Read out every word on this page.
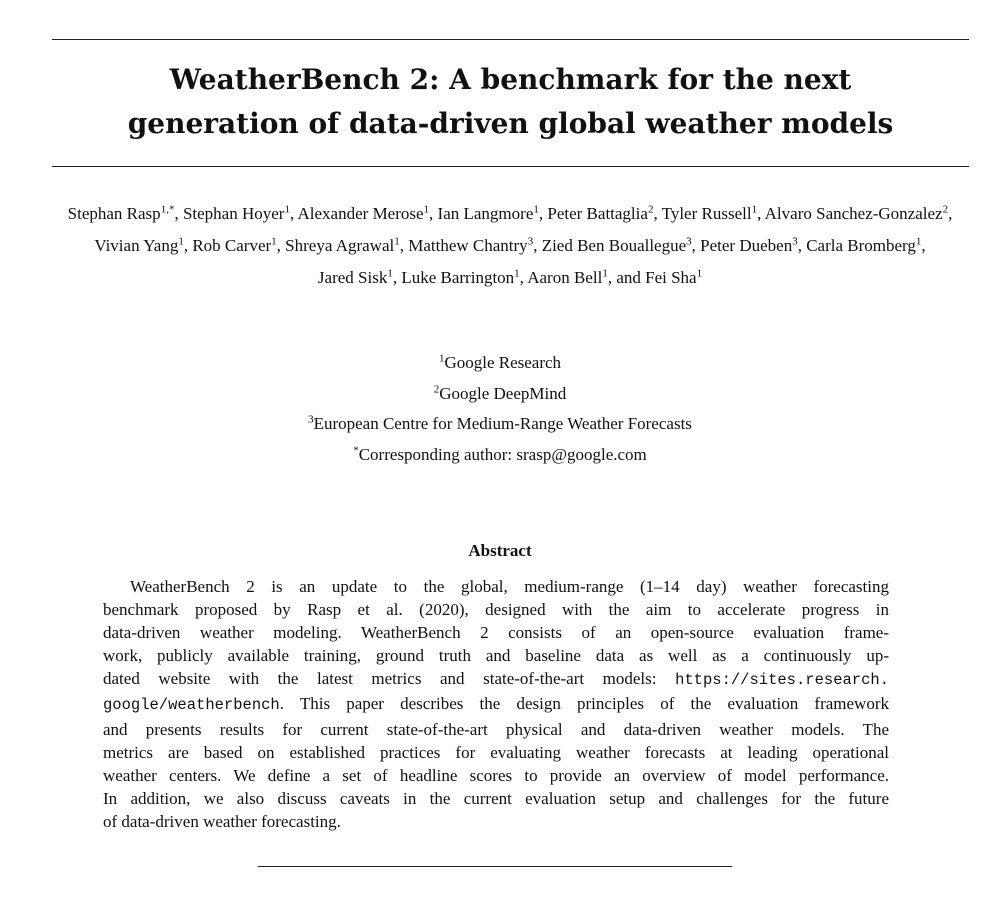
WeatherBench 2: A benchmark for the next
generation of data-driven global weather models
Stephan Rasp$^{1,*}$, Stephan Hoyer$^1$, Alexander Merose$^1$, Ian Langmore$^1$, Peter Battaglia$^2$, Tyler Russell$^1$, Alvaro Sanchez-Gonzalez$^2$, Vivian Yang$^1$, Rob Carver$^1$, Shreya Agrawal$^1$, Matthew Chantry$^3$, Zied Ben Bouallegue$^3$, Peter Dueben$^3$, Carla Bromberg$^1$, Jared Sisk$^1$, Luke Barrington$^1$, Aaron Bell$^1$, and Fei Sha$^1$
$^1$Google Research
$^2$Google DeepMind
$^3$European Centre for Medium-Range Weather Forecasts
*Corresponding author: srasp@google.com
Abstract
WeatherBench 2 is an update to the global, medium-range (1–14 day) weather forecasting
benchmark proposed by Rasp et al. (2020), designed with the aim to accelerate progress in
data-driven weather modeling. WeatherBench 2 consists of an open-source evaluation frame-
work, publicly available training, ground truth and baseline data as well as a continuously up-
dated website with the latest metrics and state-of-the-art models: https://sites.research.
google/weatherbench. This paper describes the design principles of the evaluation framework
and presents results for current state-of-the-art physical and data-driven weather models. The
metrics are based on established practices for evaluating weather forecasts at leading operational
weather centers. We define a set of headline scores to provide an overview of model performance.
In addition, we also discuss caveats in the current evaluation setup and challenges for the future
of data-driven weather forecasting.
